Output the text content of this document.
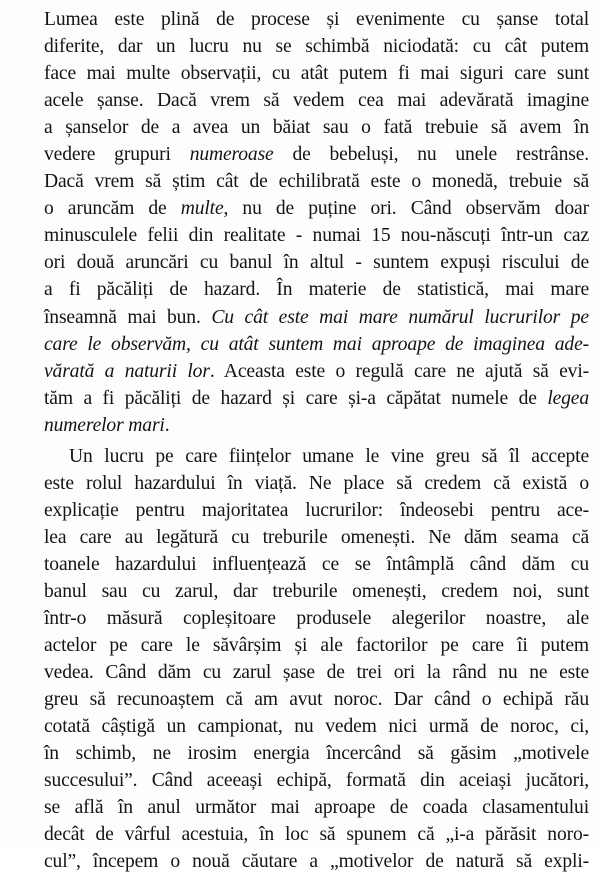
Lumea este plină de procese și evenimente cu șanse total
diferite, dar un lucru nu se schimbă niciodată: cu cât putem
face mai multe observații, cu atât putem fi mai siguri care sunt
acele șanse. Dacă vrem să vedem cea mai adevărată imagine
a șanselor de a avea un băiat sau o fată trebuie să avem în
vedere grupuri numeroase de bebeluși, nu unele restrânse.
Dacă vrem să știm cât de echilibrată este o monedă, trebuie să
o aruncăm de multe, nu de puține ori. Când observăm doar
minusculele felii din realitate - numai 15 nou-născuți într-un caz
ori două aruncări cu banul în altul - suntem expuși riscului de
a fi păcăliți de hazard. În materie de statistică, mai mare
înseamnă mai bun. Cu cât este mai mare numărul lucrurilor pe
care le observăm, cu atât suntem mai aproape de imaginea ade-
vărată a naturii lor. Aceasta este o regulă care ne ajută să evi-
tăm a fi păcăliți de hazard și care și-a căpătat numele de legea
numerelor mari.
Un lucru pe care ființelor umane le vine greu să îl accepte
este rolul hazardului în viață. Ne place să credem că există o
explicație pentru majoritatea lucrurilor: îndeosebi pentru ace-
lea care au legătură cu treburile omenești. Ne dăm seama că
toanele hazardului influențează ce se întâmplă când dăm cu
banul sau cu zarul, dar treburile omenești, credem noi, sunt
într-o măsură copleșitoare produsele alegerilor noastre, ale
actelor pe care le săvârșim și ale factorilor pe care îi putem
vedea. Când dăm cu zarul șase de trei ori la rând nu ne este
greu să recunoaștem că am avut noroc. Dar când o echipă rău
cotată câștigă un campionat, nu vedem nici urmă de noroc, ci,
în schimb, ne irosim energia încercând să găsim „motivele
succesului”. Când aceeași echipă, formată din aceiași jucători,
se află în anul următor mai aproape de coada clasamentului
decât de vârful acestuia, în loc să spunem că „i-a părăsit noro-
cul”, începem o nouă căutare a „motivelor de natură să expli-
